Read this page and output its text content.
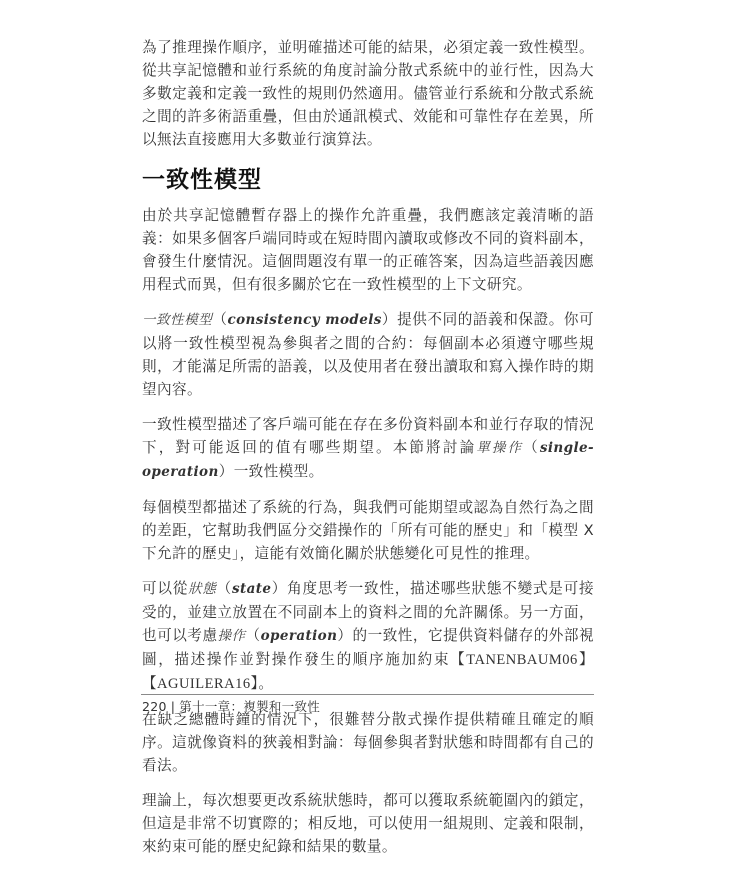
為了推理操作順序，並明確描述可能的結果，必須定義一致性模型。從共享記憶體和並行系統的角度討論分散式系統中的並行性，因為大多數定義和定義一致性的規則仍然適用。儘管並行系統和分散式系統之間的許多術語重疊，但由於通訊模式、效能和可靠性存在差異，所以無法直接應用大多數並行演算法。

一致性模型

由於共享記憶體暫存器上的操作允許重疊，我們應該定義清晰的語義：如果多個客戶端同時或在短時間內讀取或修改不同的資料副本，會發生什麼情況。這個問題沒有單一的正確答案，因為這些語義因應用程式而異，但有很多關於它在一致性模型的上下文研究。

一致性模型（consistency models）提供不同的語義和保證。你可以將一致性模型視為參與者之間的合約：每個副本必須遵守哪些規則，才能滿足所需的語義，以及使用者在發出讀取和寫入操作時的期望內容。

一致性模型描述了客戶端可能在存在多份資料副本和並行存取的情況下，對可能返回的值有哪些期望。本節將討論單操作（single-operation）一致性模型。

每個模型都描述了系統的行為，與我們可能期望或認為自然行為之間的差距，它幫助我們區分交錯操作的「所有可能的歷史」和「模型 X 下允許的歷史」，這能有效簡化關於狀態變化可見性的推理。

可以從狀態（state）角度思考一致性，描述哪些狀態不變式是可接受的，並建立放置在不同副本上的資料之間的允許關係。另一方面，也可以考慮操作（operation）的一致性，它提供資料儲存的外部視圖，描述操作並對操作發生的順序施加約束【TANENBAUM06】【AGUILERA16】。

在缺乏總體時鐘的情況下，很難替分散式操作提供精確且確定的順序。這就像資料的狹義相對論：每個參與者對狀態和時間都有自己的看法。

理論上，每次想要更改系統狀態時，都可以獲取系統範圍內的鎖定，但這是非常不切實際的；相反地，可以使用一組規則、定義和限制，來約束可能的歷史紀錄和結果的數量。

220 | 第十一章：複製和一致性
